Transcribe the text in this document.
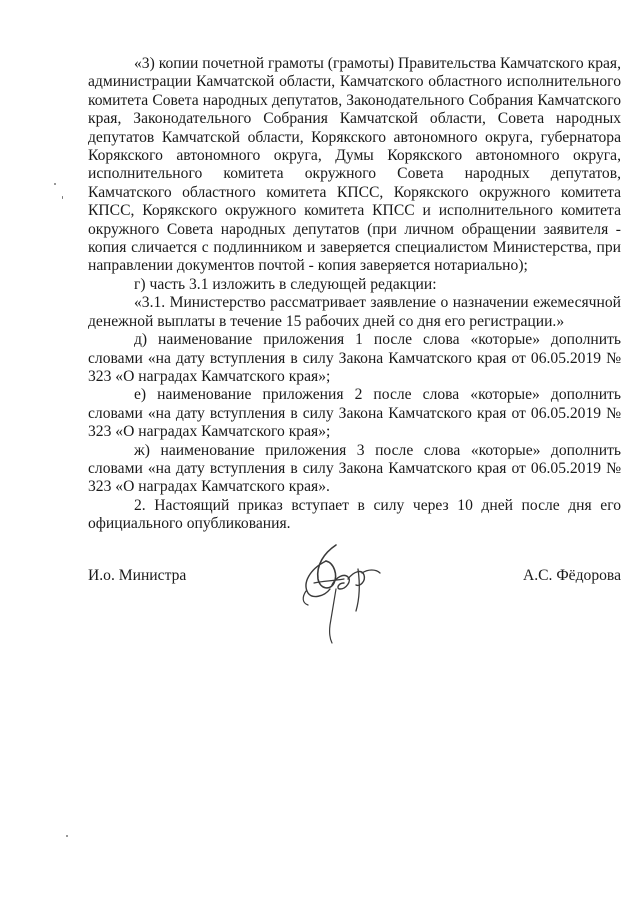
«3) копии почетной грамоты (грамоты) Правительства Камчатского края, администрации Камчатской области, Камчатского областного исполнительного комитета Совета народных депутатов, Законодательного Собрания Камчатского края, Законодательного Собрания Камчатской области, Совета народных депутатов Камчатской области, Корякского автономного округа, губернатора Корякского автономного округа, Думы Корякского автономного округа, исполнительного комитета окружного Совета народных депутатов, Камчатского областного комитета КПСС, Корякского окружного комитета КПСС, Корякского окружного комитета КПСС и исполнительного комитета окружного Совета народных депутатов (при личном обращении заявителя - копия сличается с подлинником и заверяется специалистом Министерства, при направлении документов почтой - копия заверяется нотариально);

г) часть 3.1 изложить в следующей редакции:

«3.1. Министерство рассматривает заявление о назначении ежемесячной денежной выплаты в течение 15 рабочих дней со дня его регистрации.»

д) наименование приложения 1 после слова «которые» дополнить словами «на дату вступления в силу Закона Камчатского края от 06.05.2019 № 323 «О наградах Камчатского края»;

е) наименование приложения 2 после слова «которые» дополнить словами «на дату вступления в силу Закона Камчатского края от 06.05.2019 № 323 «О наградах Камчатского края»;

ж) наименование приложения 3 после слова «которые» дополнить словами «на дату вступления в силу Закона Камчатского края от 06.05.2019 № 323 «О наградах Камчатского края».

2. Настоящий приказ вступает в силу через 10 дней после дня его официального опубликования.

И.о. Министра	А.С. Фёдорова
